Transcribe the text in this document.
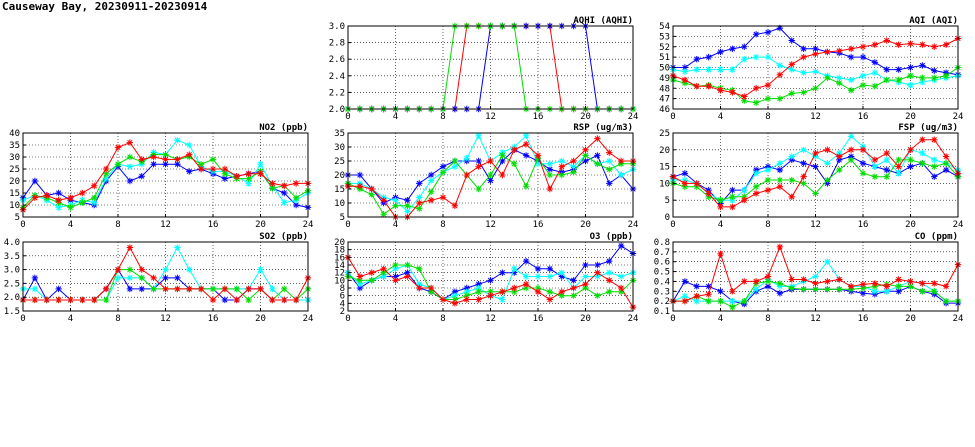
Causeway Bay, 20230911-20230914
0	4	8	12	16	20	24
2.0
2.2
2.4
2.6
2.8
3.0
AQHI (AQHI)
0	4	8	12	16	20	24
46
47
48
49
50
51
52
53
54
AQI (AQI)
0	4	8	12	16	20	24
5
10
15
20
25
30
35
40
NO2 (ppb)
0	4	8	12	16	20	24
5
10
15
20
25
30
35
RSP (ug/m3)
0	4	8	12	16	20	24
0
5
10
15
20
25
FSP (ug/m3)
0	4	8	12	16	20	24
1.5
2.0
2.5
3.0
3.5
4.0
SO2 (ppb)
0	4	8	12	16	20	24
2
4
6
8
10
12
14
16
18
20
O3 (ppb)
0	4	8	12	16	20	24
0.1
0.2
0.3
0.4
0.5
0.6
0.7
0.8
CO (ppm)
